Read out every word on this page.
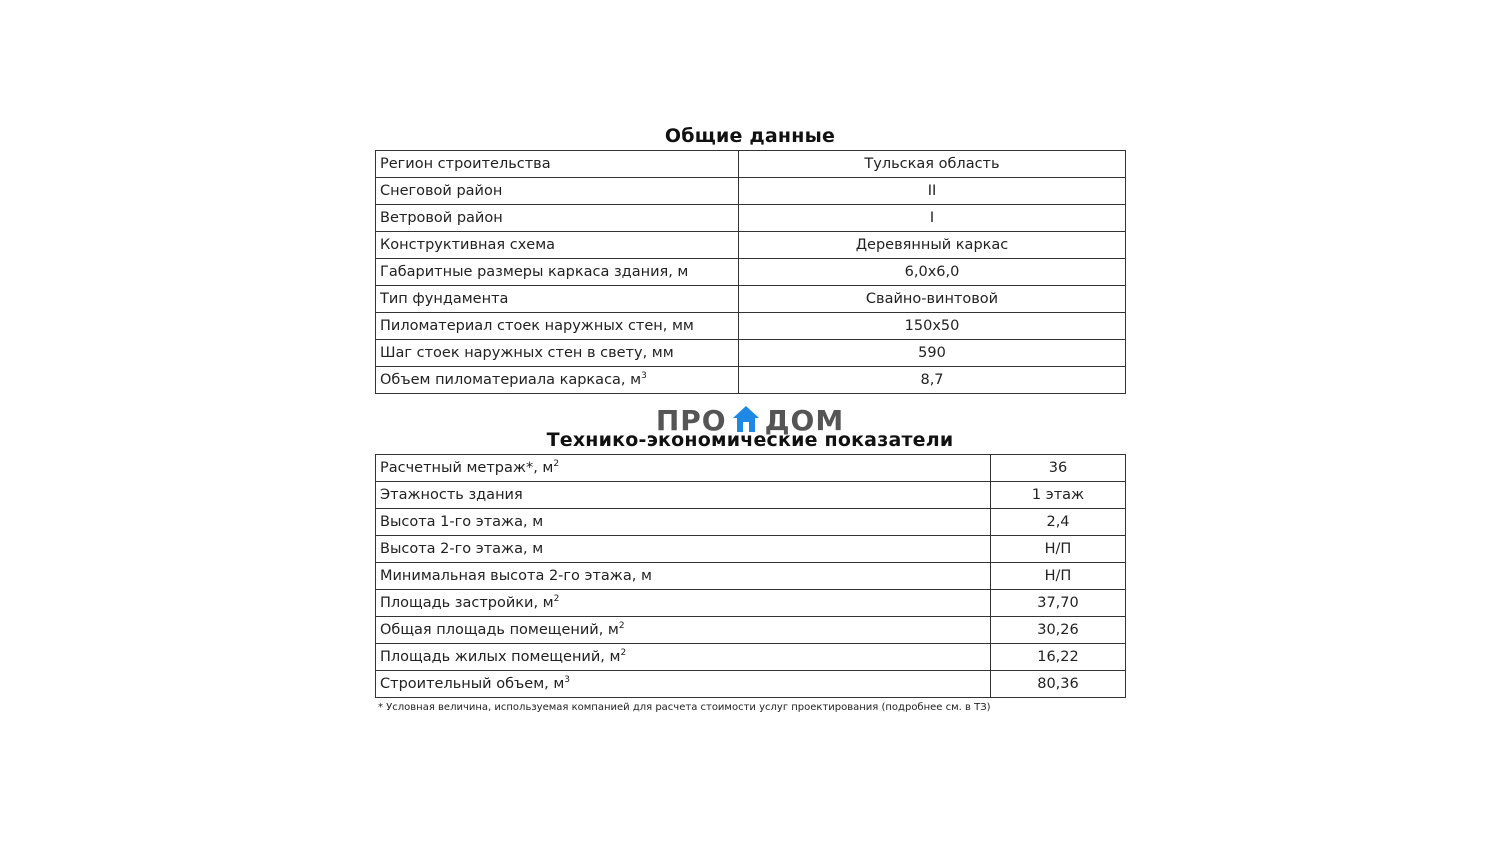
Общие данные
Регион строительства	Тульская область
Снеговой район	II
Ветровой район	I
Конструктивная схема	Деревянный каркас
Габаритные размеры каркаса здания, м	6,0х6,0
Тип фундамента	Свайно-винтовой
Пиломатериал стоек наружных стен, мм	150х50
Шаг стоек наружных стен в свету, мм	590
Объем пиломатериала каркаса, $м^3$	8,7
ПРО ДОМ
Технико-экономические показатели
Расчетный метраж*, $м^2$	36
Этажность здания	1 этаж
Высота 1-го этажа, м	2,4
Высота 2-го этажа, м	Н/П
Минимальная высота 2-го этажа, м	Н/П
Площадь застройки, $м^2$	37,70
Общая площадь помещений, $м^2$	30,26
Площадь жилых помещений, $м^2$	16,22
Строительный объем, $м^3$	80,36
* Условная величина, используемая компанией для расчета стоимости услуг проектирования (подробнее см. в ТЗ)
